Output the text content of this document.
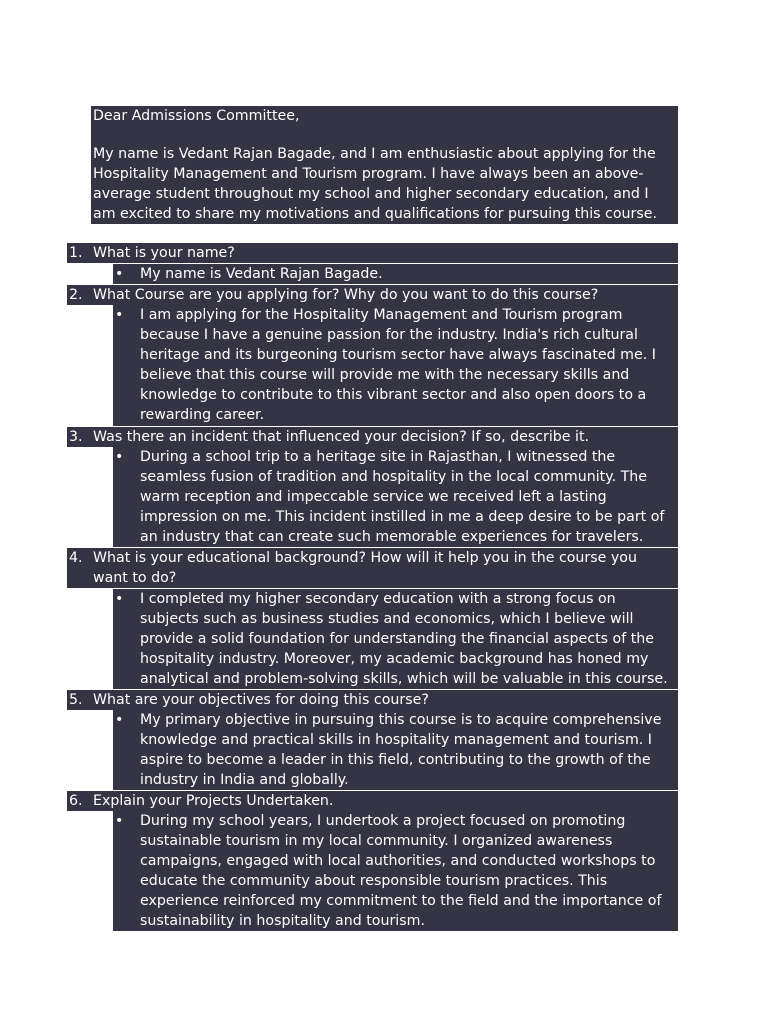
Dear Admissions Committee,
My name is Vedant Rajan Bagade, and I am enthusiastic about applying for the
Hospitality Management and Tourism program. I have always been an above-
average student throughout my school and higher secondary education, and I
am excited to share my motivations and qualifications for pursuing this course.
1. What is your name?
• My name is Vedant Rajan Bagade.
2. What Course are you applying for? Why do you want to do this course?
• I am applying for the Hospitality Management and Tourism program
because I have a genuine passion for the industry. India's rich cultural
heritage and its burgeoning tourism sector have always fascinated me. I
believe that this course will provide me with the necessary skills and
knowledge to contribute to this vibrant sector and also open doors to a
rewarding career.
3. Was there an incident that influenced your decision? If so, describe it.
• During a school trip to a heritage site in Rajasthan, I witnessed the
seamless fusion of tradition and hospitality in the local community. The
warm reception and impeccable service we received left a lasting
impression on me. This incident instilled in me a deep desire to be part of
an industry that can create such memorable experiences for travelers.
4. What is your educational background? How will it help you in the course you
want to do?
• I completed my higher secondary education with a strong focus on
subjects such as business studies and economics, which I believe will
provide a solid foundation for understanding the financial aspects of the
hospitality industry. Moreover, my academic background has honed my
analytical and problem-solving skills, which will be valuable in this course.
5. What are your objectives for doing this course?
• My primary objective in pursuing this course is to acquire comprehensive
knowledge and practical skills in hospitality management and tourism. I
aspire to become a leader in this field, contributing to the growth of the
industry in India and globally.
6. Explain your Projects Undertaken.
• During my school years, I undertook a project focused on promoting
sustainable tourism in my local community. I organized awareness
campaigns, engaged with local authorities, and conducted workshops to
educate the community about responsible tourism practices. This
experience reinforced my commitment to the field and the importance of
sustainability in hospitality and tourism.
